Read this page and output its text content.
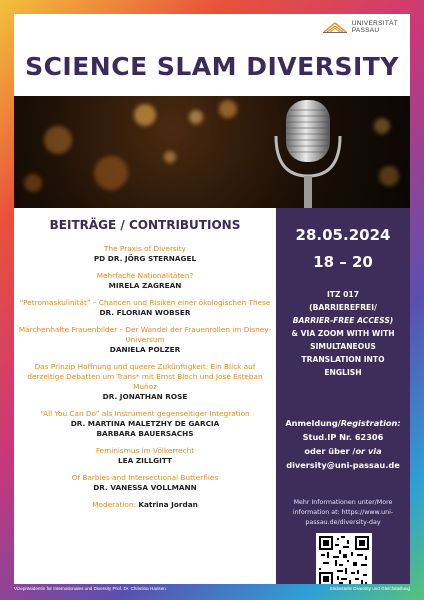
UNIVERSITÄT
PASSAU
SCIENCE SLAM DIVERSITY
BEITRÄGE / CONTRIBUTIONS
The Praxis of Diversity
PD DR. JÖRG STERNAGEL
Mehrfache Nationalitäten?
MIRELA ZAGREAN
“Petromaskulinität” – Chancen und Risiken einer ökologischen These
DR. FLORIAN WOBSER
Märchenhafte Frauenbilder – Der Wandel der Frauenrollen im Disney-Universum
DANIELA POLZER
Das Prinzip Hoffnung und queere Zukünftigkeit: Ein Blick auf derzeitige Debatten um Trans* mit Ernst Bloch und José Esteban Muñoz
DR. JONATHAN ROSE
“All You Can Do” als Instrument gegenseitiger Integration
DR. MARTINA MALETZHY DE GARCIA
BARBARA BAUERSACHS
Feminismus im Völkerrecht
LEA ZILLGITT
Of Barbies and Intersectional Butterflies
DR. VANESSA VOLLMANN
Moderation: Katrina Jordan
28.05.2024
18 – 20
ITZ 017
(BARRIEREFREI/
BARRIER-FREE ACCESS)
& VIA ZOOM WITH WITH SIMULTANEOUS TRANSLATION INTO ENGLISH
Anmeldung/Registration:
Stud.IP Nr. 62306
oder über /or via
diversity@uni-passau.de
Mehr Informationen unter/More information at: https://www.uni-passau.de/diversity-day
Vizepräsidentin für Internationales und Diversity Prof. Dr. Christina Hansen	Stabsstelle Diversity und Gleichstellung
